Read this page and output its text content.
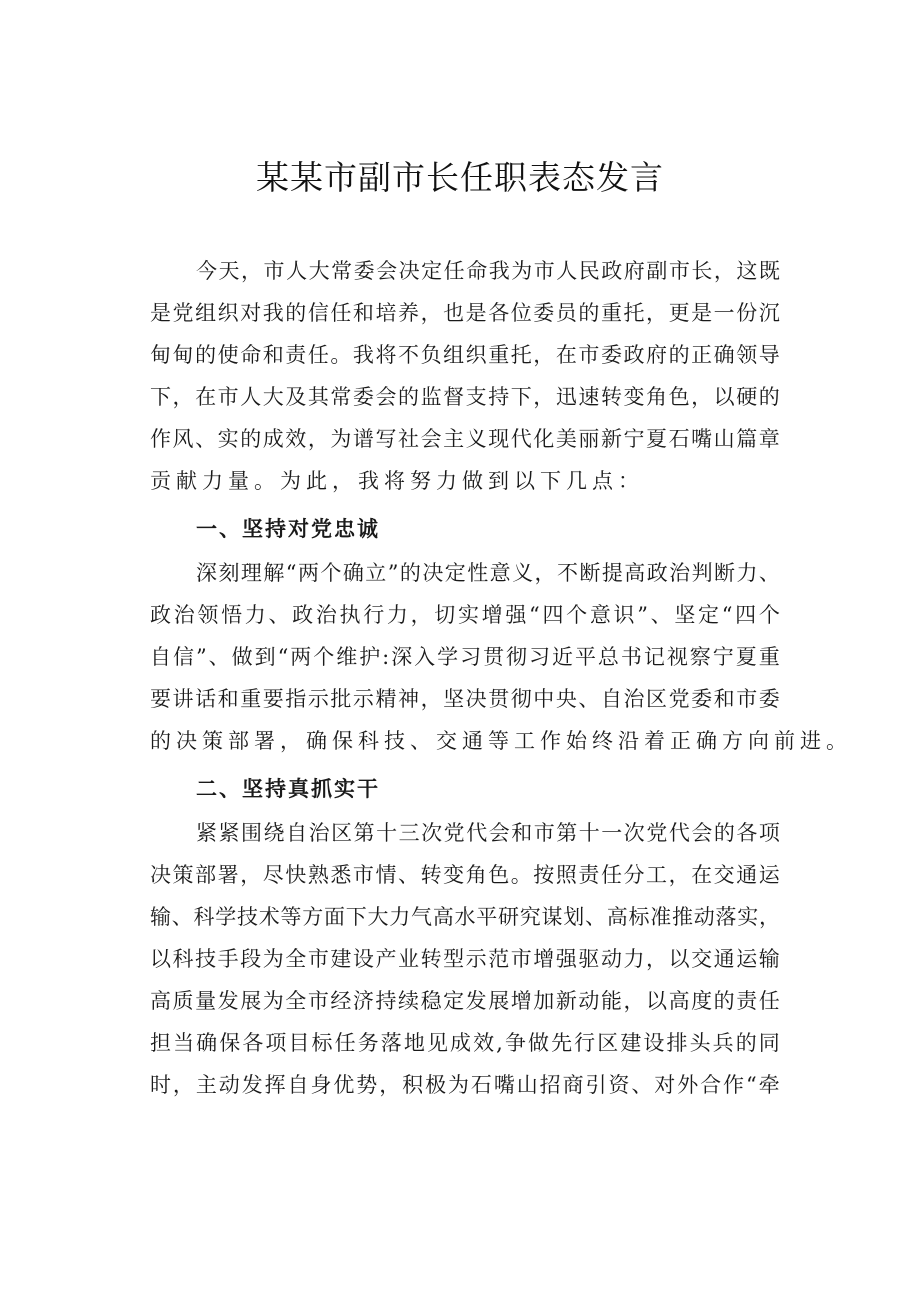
某某市副市长任职表态发言
今 天 ， 市 人 大 常 委 会 决 定 任 命 我 为 市 人 民 政 府 副 市 长 ， 这 既
是 党 组 织 对 我 的 信 任 和 培 养 ， 也 是 各 位 委 员 的 重 托 ， 更 是 一 份 沉
甸 甸 的 使 命 和 责 任 。 我 将 不 负 组 织 重 托 ， 在 市 委 政 府 的 正 确 领 导
下 ， 在 市 人 大 及 其 常 委 会 的 监 督 支 持 下 ， 迅 速 转 变 角 色 ， 以 硬 的
作 风 、 实 的 成 效 ， 为 谱 写 社 会 主 义 现 代 化 美 丽 新 宁 夏 石 嘴 山 篇 章
贡献力量。为此，我将努力做到以下几点：
一、坚持对党忠诚
深 刻 理 解 “ 两 个 确 立 ” 的 决 定 性 意 义 ， 不 断 提 高 政 治 判 断 力 、
政 治 领 悟 力 、 政 治 执 行 力 ， 切 实 增 强 “ 四 个 意 识 ” 、 坚 定 “ 四 个
自 信 ” 、 做 到 “ 两 个 维 护 : 深 入 学 习 贯 彻 习 近 平 总 书 记 视 察 宁 夏 重
要 讲 话 和 重 要 指 示 批 示 精 神 ， 坚 决 贯 彻 中 央 、 自 治 区 党 委 和 市 委
的决策部署，确保科技、交通等工作始终沿着正确方向前进。
二、坚持真抓实干
紧 紧 围 绕 自 治 区 第 十 三 次 党 代 会 和 市 第 十 一 次 党 代 会 的 各 项
决 策 部 署 ， 尽 快 熟 悉 市 情 、 转 变 角 色 。 按 照 责 任 分 工 ， 在 交 通 运
输 、 科 学 技 术 等 方 面 下 大 力 气 高 水 平 研 究 谋 划 、 高 标 准 推 动 落 实 ，
以 科 技 手 段 为 全 市 建 设 产 业 转 型 示 范 市 增 强 驱 动 力 ， 以 交 通 运 输
高 质 量 发 展 为 全 市 经 济 持 续 稳 定 发 展 增 加 新 动 能 ， 以 高 度 的 责 任
担 当 确 保 各 项 目 标 任 务 落 地 见 成 效 , 争 做 先 行 区 建 设 排 头 兵 的 同
时 ， 主 动 发 挥 自 身 优 势 ， 积 极 为 石 嘴 山 招 商 引 资 、 对 外 合 作 “ 牵
